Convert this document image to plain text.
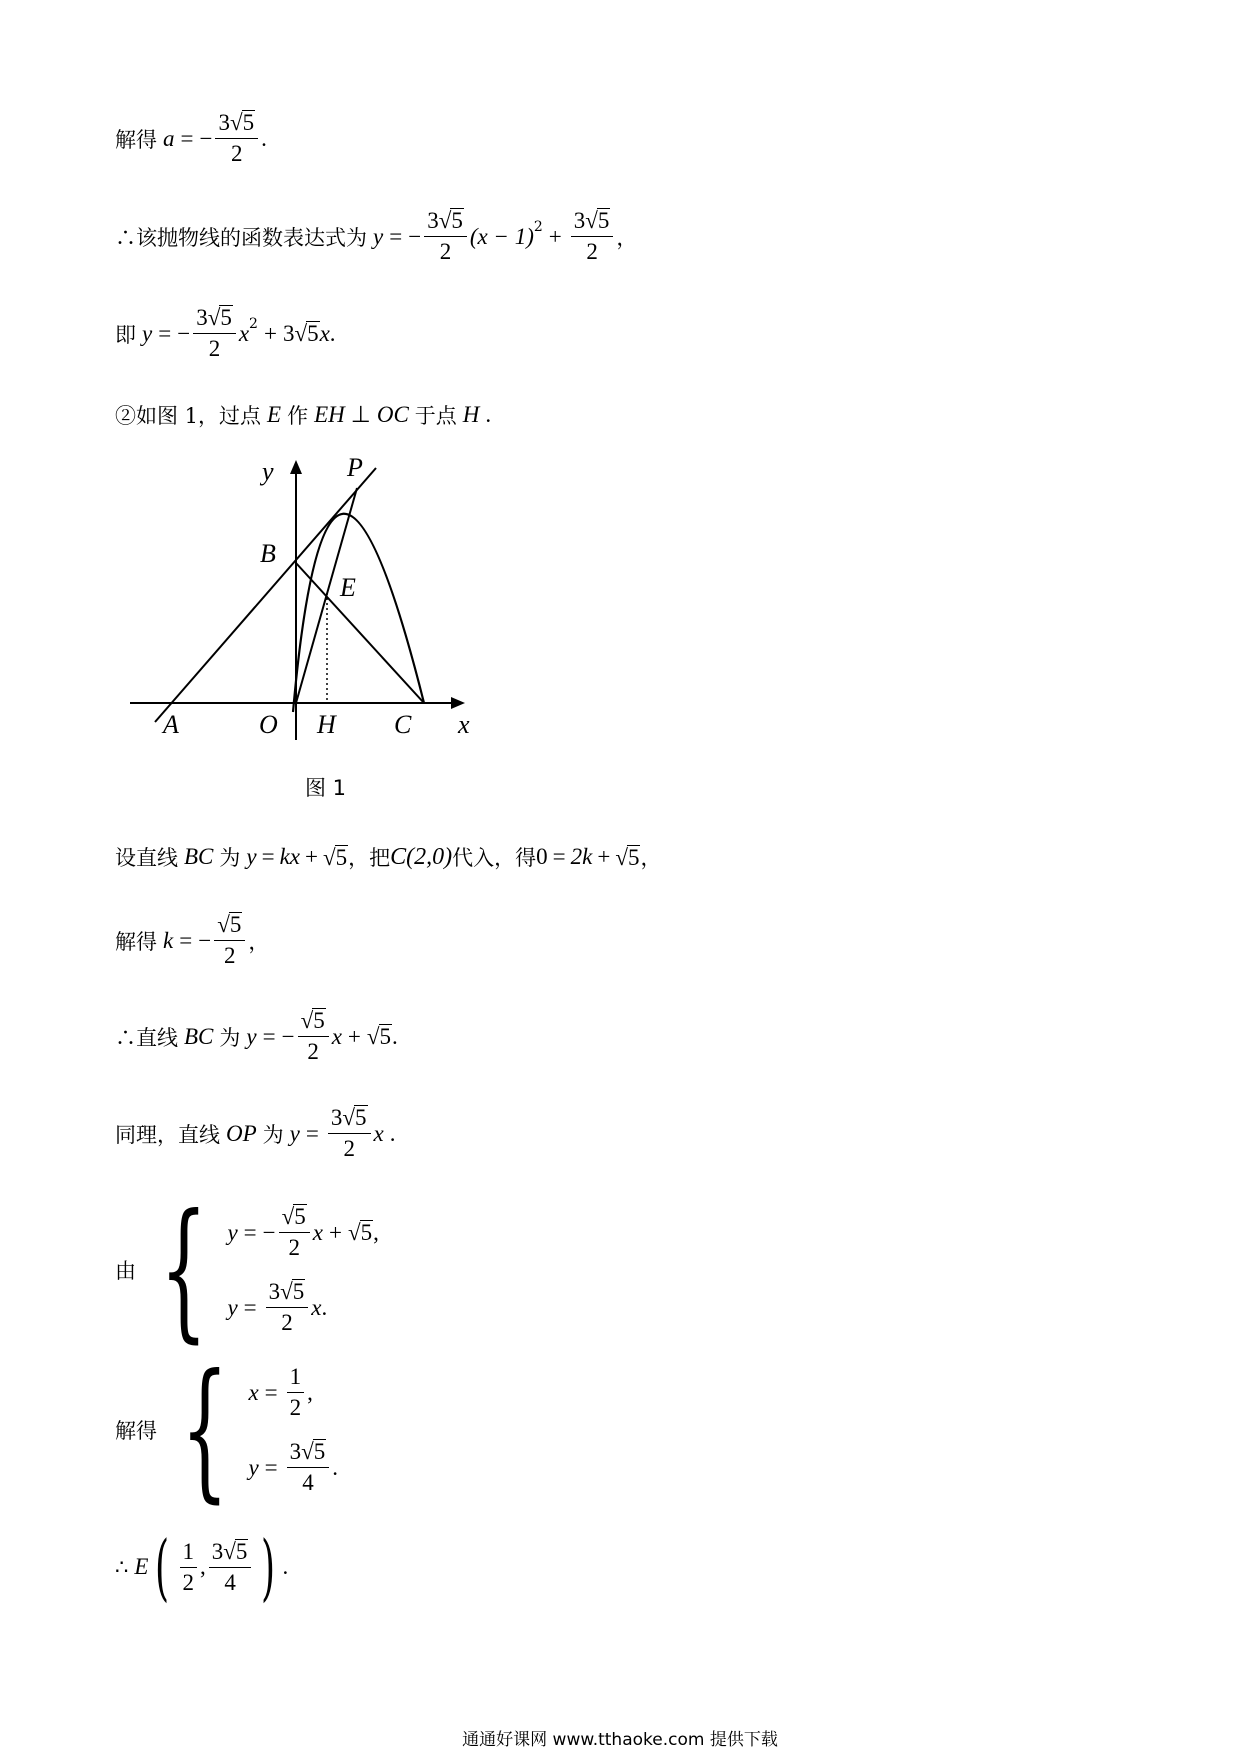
解得 a = − $\frac{3 √ 5}{2}$ .
∴该抛物线的函数表达式为 y = − $\frac{3 √ 5}{2} (x - 1) 2 + \frac{3 √ 5}{2}$ ，
即 y = − $\frac{3 √ 5}{2}$ x 2 + 3 √ 5 x .
②如图 1，过点 E 作 EH ⊥ OC 于点 H .
y	P
B
E
A	O H C x
图 1
设直线 BC 为 y = kx + √ 5 ，把 C(2,0) 代入，得 0 = 2k + √ 5 ，
解得 k = − $\frac{√ 5}{2}$ ，
∴直线 BC 为 y = − $\frac{√ 5}{2}$ x + √ 5 .
同理，直线 OP 为 $y = \frac{3 √ 5}{2}$ x .
由 { y = − $\frac{√ 5}{2}$ x + √ 5 ,
$y = \frac{3 √ 5}{2}$ x .
解得 { $x = \frac{1}{2}$ ,
$y = \frac{3 √ 5}{4}$ .
∴ E ( $\frac{1}{2}$ , $\frac{3 √ 5}{4}$ ) .
通通好课网 www.tthaoke.com 提供下载
